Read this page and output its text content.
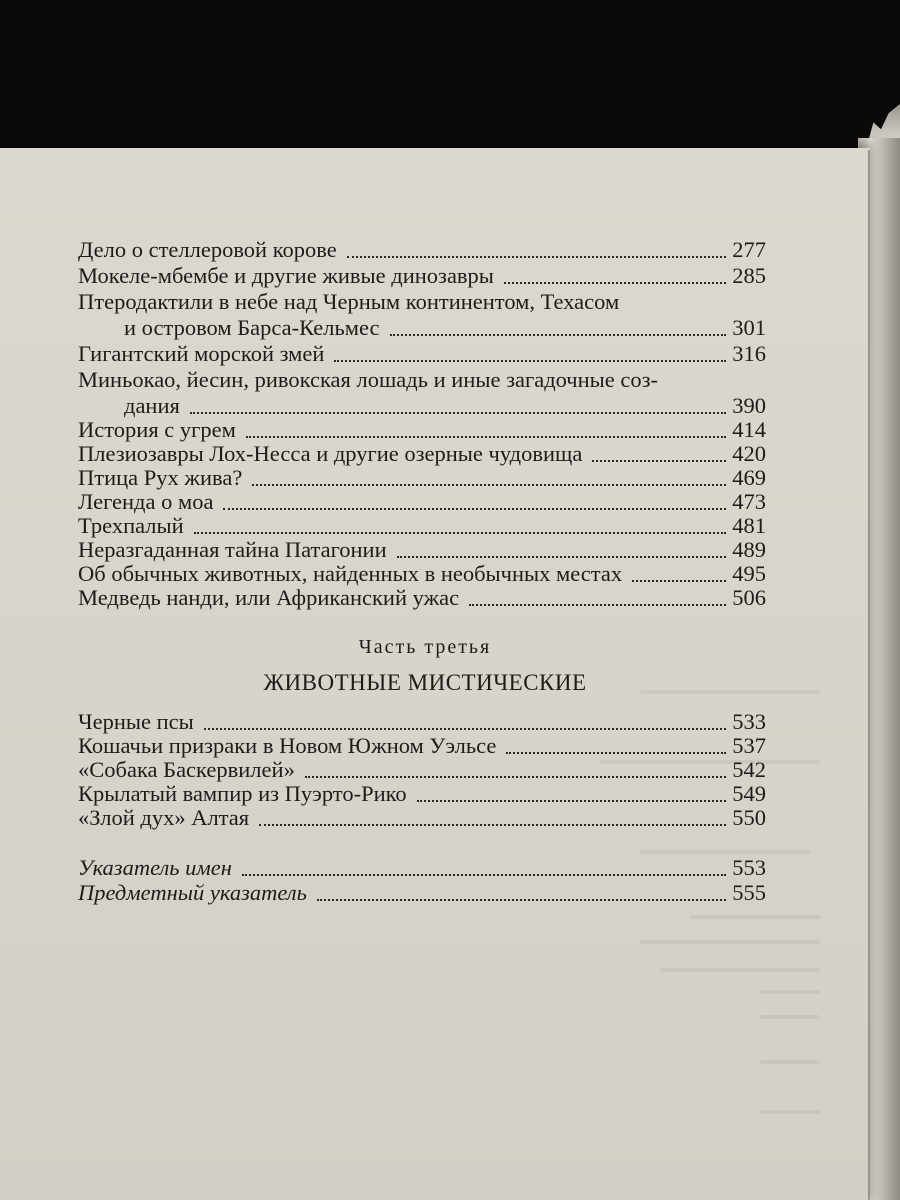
Дело о стеллеровой корове	277
Мокеле-мбембе и другие живые динозавры	285
Птеродактили в небе над Черным континентом, Техасом
и островом Барса-Кельмес	301
Гигантский морской змей	316
Миньокао, йесин, ривокская лошадь и иные загадочные соз-
дания	390
История с угрем	414
Плезиозавры Лох-Несса и другие озерные чудовища	420
Птица Рух жива?	469
Легенда о моа	473
Трехпалый	481
Неразгаданная тайна Патагонии	489
Об обычных животных, найденных в необычных местах	495
Медведь нанди, или Африканский ужас	506
Часть третья
ЖИВОТНЫЕ МИСТИЧЕСКИЕ
Черные псы	533
Кошачьи призраки в Новом Южном Уэльсе	537
«Собака Баскервилей»	542
Крылатый вампир из Пуэрто-Рико	549
«Злой дух» Алтая	550
Указатель имен	553
Предметный указатель	555
